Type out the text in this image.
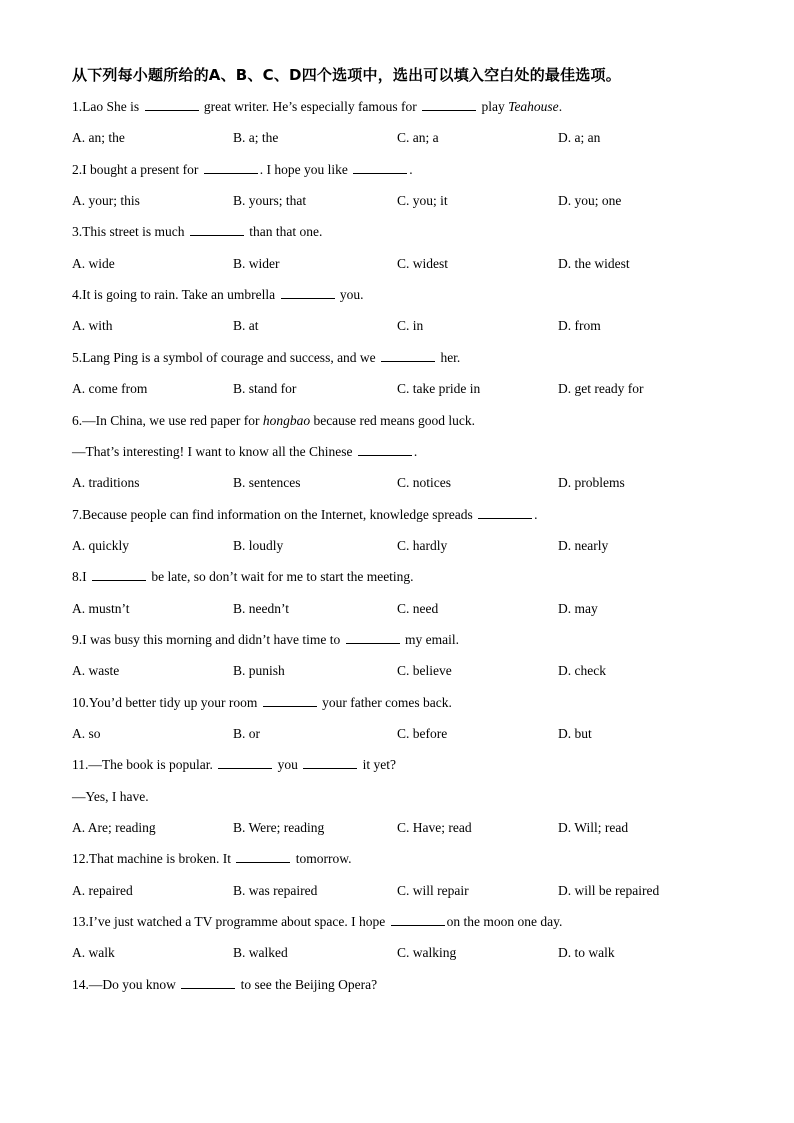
从下列每小题所给的A、B、C、D四个选项中，选出可以填入空白处的最佳选项。
1.Lao She is	great writer. He’s especially famous for	play Teahouse.
A. an; the	B. a; the	C. an; a	D. a; an
2.I bought a present for	. I hope you like	.
A. your; this	B. yours; that	C. you; it	D. you; one
3.This street is much	than that one.
A. wide	B. wider	C. widest	D. the widest
4.It is going to rain. Take an umbrella	you.
A. with	B. at	C. in	D. from
5.Lang Ping is a symbol of courage and success, and we	her.
A. come from	B. stand for	C. take pride in	D. get ready for
6.—In China, we use red paper for hongbao because red means good luck.
—That’s interesting! I want to know all the Chinese	.
A. traditions	B. sentences	C. notices	D. problems
7.Because people can find information on the Internet, knowledge spreads	.
A. quickly	B. loudly	C. hardly	D. nearly
8.I	be late, so don’t wait for me to start the meeting.
A. mustn’t	B. needn’t	C. need	D. may
9.I was busy this morning and didn’t have time to	my email.
A. waste	B. punish	C. believe	D. check
10.You’d better tidy up your room	your father comes back.
A. so	B. or	C. before	D. but
11.—The book is popular.	you	it yet?
—Yes, I have.
A. Are; reading	B. Were; reading	C. Have; read	D. Will; read
12.That machine is broken. It	tomorrow.
A. repaired	B. was repaired	C. will repair	D. will be repaired
13.I’ve just watched a TV programme about space. I hope	on the moon one day.
A. walk	B. walked	C. walking	D. to walk
14.—Do you know	to see the Beijing Opera?
